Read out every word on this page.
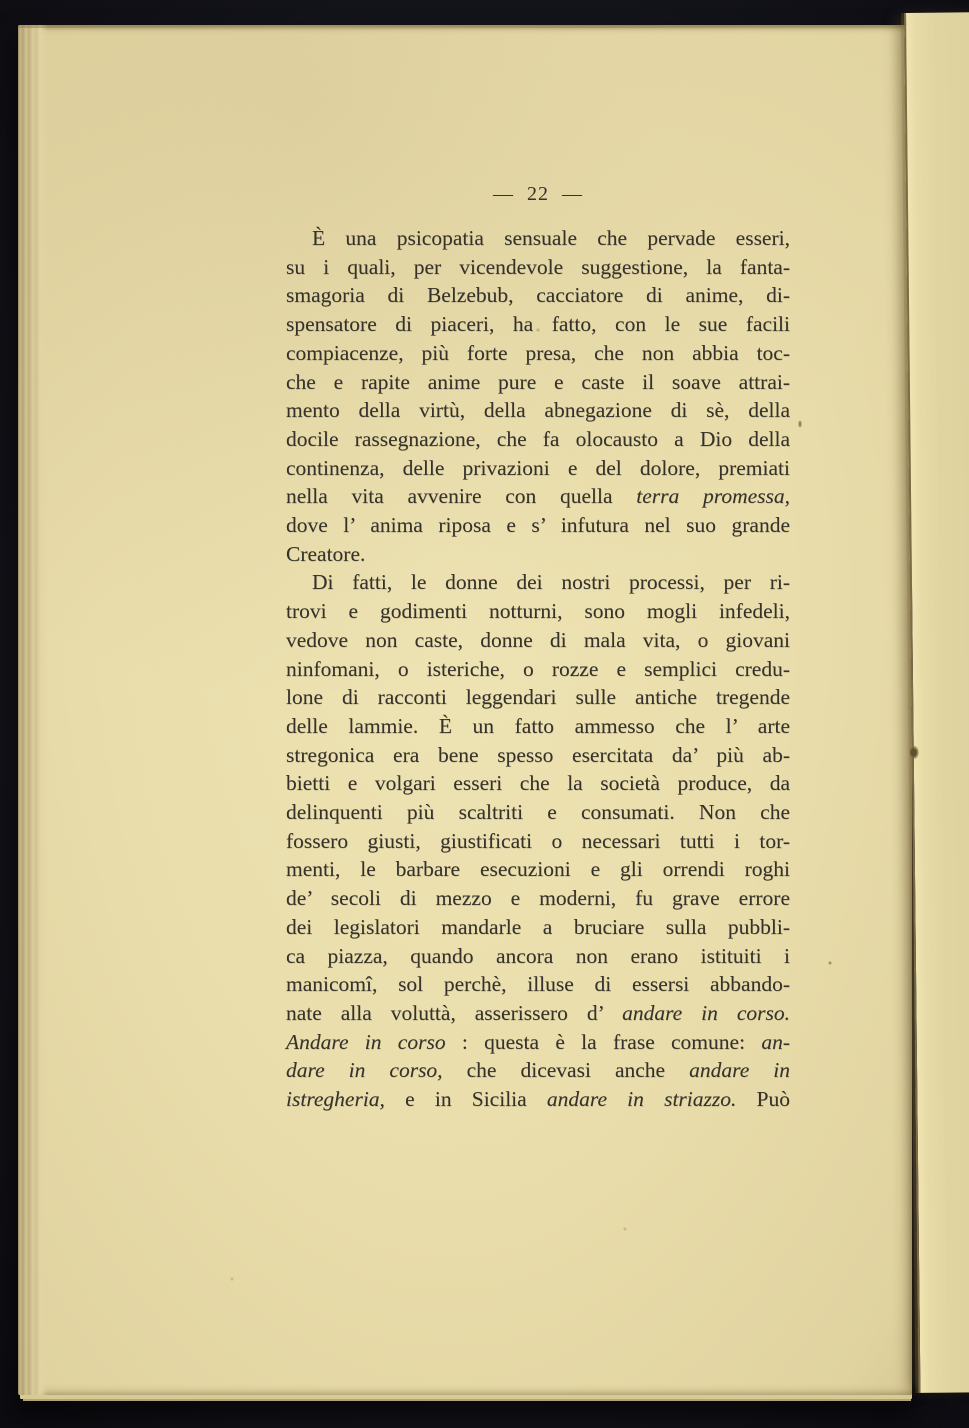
— 22 —
È una psicopatia sensuale che pervade esseri,
su i quali, per vicendevole suggestione, la fanta-
smagoria di Belzebub, cacciatore di anime, di-
spensatore di piaceri, ha fatto, con le sue facili
compiacenze, più forte presa, che non abbia toc-
che e rapite anime pure e caste il soave attrai-
mento della virtù, della abnegazione di sè, della
docile rassegnazione, che fa olocausto a Dio della
continenza, delle privazioni e del dolore, premiati
nella vita avvenire con quella terra promessa,
dove l’ anima riposa e s’ infutura nel suo grande
Creatore.
Di fatti, le donne dei nostri processi, per ri-
trovi e godimenti notturni, sono mogli infedeli,
vedove non caste, donne di mala vita, o giovani
ninfomani, o isteriche, o rozze e semplici credu-
lone di racconti leggendari sulle antiche tregende
delle lammie. È un fatto ammesso che l’ arte
stregonica era bene spesso esercitata da’ più ab-
bietti e volgari esseri che la società produce, da
delinquenti più scaltriti e consumati. Non che
fossero giusti, giustificati o necessari tutti i tor-
menti, le barbare esecuzioni e gli orrendi roghi
de’ secoli di mezzo e moderni, fu grave errore
dei legislatori mandarle a bruciare sulla pubbli-
ca piazza, quando ancora non erano istituiti i
manicomî, sol perchè, illuse di essersi abbando-
nate alla voluttà, asserissero d’ andare in corso.
Andare in corso : questa è la frase comune: an-
dare in corso, che dicevasi anche andare in
istregheria, e in Sicilia andare in striazzo. Può
